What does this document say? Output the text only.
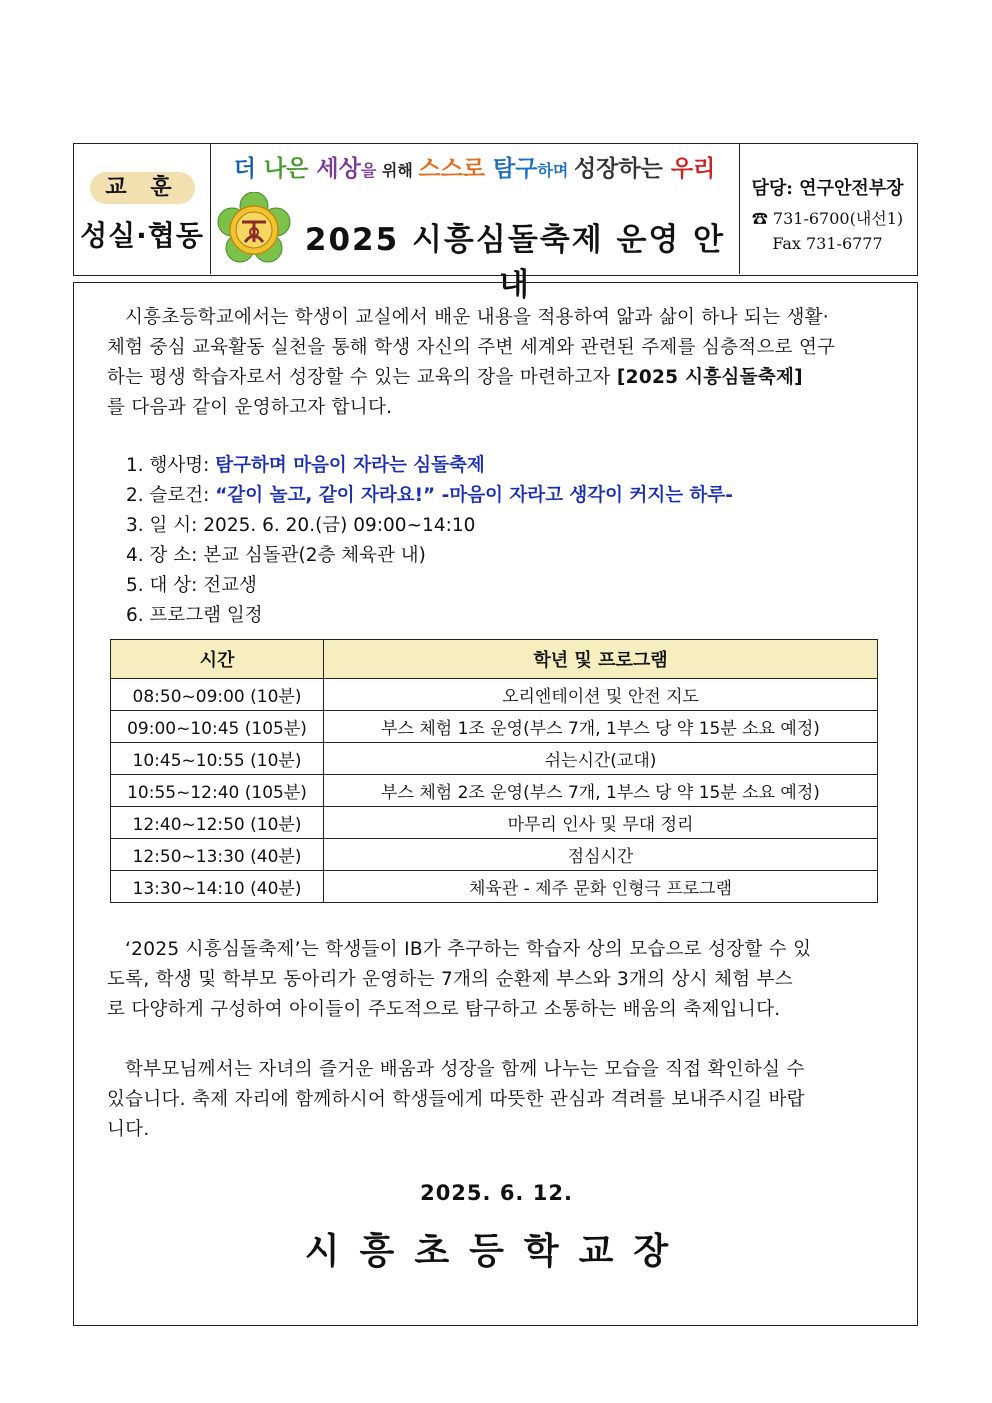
교 훈
성실·협동
더 나은 세상을 위해 스스로 탐구하며 성장하는 우리
2025 시흥심돌축제 운영 안내
담당: 연구안전부장
☎ 731-6700(내선1)
Fax 731-6777
시흥초등학교에서는 학생이 교실에서 배운 내용을 적용하여 앎과 삶이 하나 되는 생활·
체험 중심 교육활동 실천을 통해 학생 자신의 주변 세계와 관련된 주제를 심층적으로 연구
하는 평생 학습자로서 성장할 수 있는 교육의 장을 마련하고자 [2025 시흥심돌축제]
를 다음과 같이 운영하고자 합니다.
1. 행사명: 탐구하며 마음이 자라는 심돌축제
2. 슬로건: “같이 놀고, 같이 자라요!” -마음이 자라고 생각이 커지는 하루-
3. 일 시: 2025. 6. 20.(금) 09:00~14:10
4. 장 소: 본교 심돌관(2층 체육관 내)
5. 대 상: 전교생
6. 프로그램 일정
시간	학년 및 프로그램
08:50~09:00 (10분)	오리엔테이션 및 안전 지도
09:00~10:45 (105분)	부스 체험 1조 운영(부스 7개, 1부스 당 약 15분 소요 예정)
10:45~10:55 (10분)	쉬는시간(교대)
10:55~12:40 (105분)	부스 체험 2조 운영(부스 7개, 1부스 당 약 15분 소요 예정)
12:40~12:50 (10분)	마무리 인사 및 무대 정리
12:50~13:30 (40분)	점심시간
13:30~14:10 (40분)	체육관 - 제주 문화 인형극 프로그램
‘2025 시흥심돌축제’는 학생들이 IB가 추구하는 학습자 상의 모습으로 성장할 수 있
도록, 학생 및 학부모 동아리가 운영하는 7개의 순환제 부스와 3개의 상시 체험 부스
로 다양하게 구성하여 아이들이 주도적으로 탐구하고 소통하는 배움의 축제입니다.
학부모님께서는 자녀의 즐거운 배움과 성장을 함께 나누는 모습을 직접 확인하실 수
있습니다. 축제 자리에 함께하시어 학생들에게 따뜻한 관심과 격려를 보내주시길 바랍
니다.
2025. 6. 12.
시흥초등학교장
